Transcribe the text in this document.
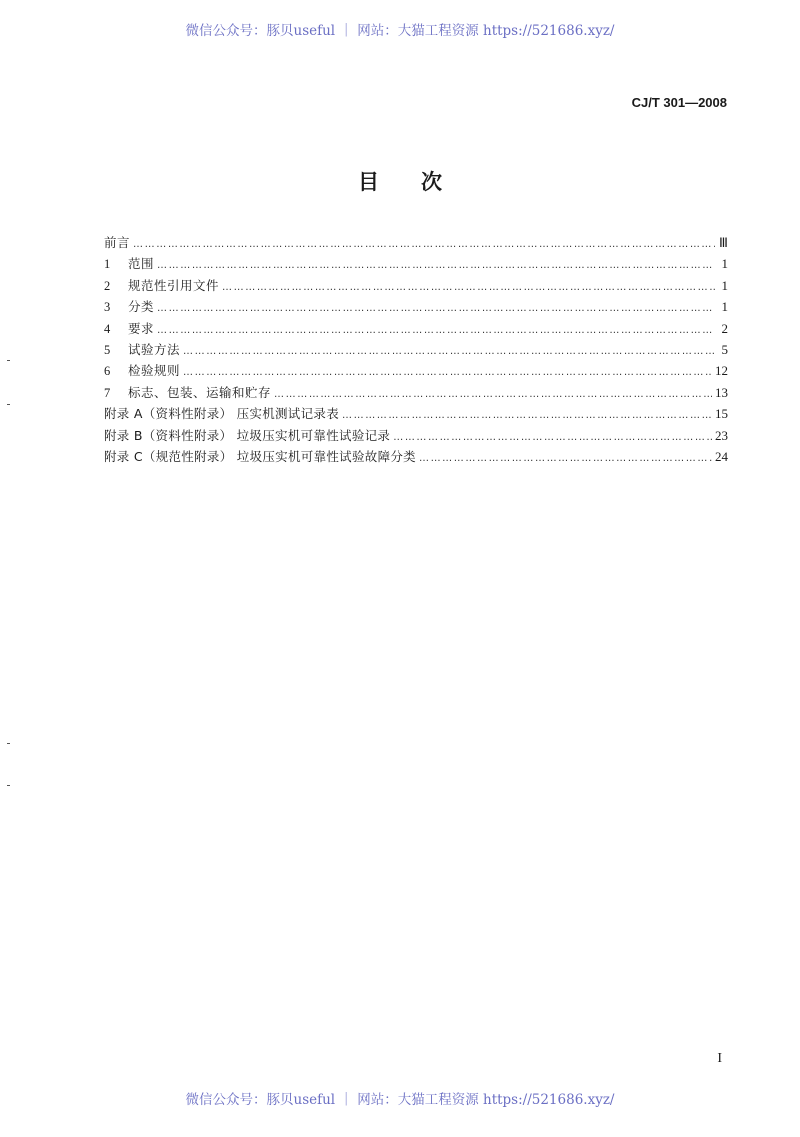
微信公众号：豚贝useful ｜ 网站：大猫工程资源 https://521686.xyz/
CJ/T 301—2008
目次
前言 ……………………………………………………………………………………………………………………………………………………………………………………………………………………	Ⅲ
1	范围 ……………………………………………………………………………………………………………………………………………………………………………………………………………………	1
2	规范性引用文件 ……………………………………………………………………………………………………………………………………………………………………………………………………………………	1
3	分类 ……………………………………………………………………………………………………………………………………………………………………………………………………………………	1
4	要求 ……………………………………………………………………………………………………………………………………………………………………………………………………………………	2
5	试验方法 ……………………………………………………………………………………………………………………………………………………………………………………………………………………	5
6	检验规则 ……………………………………………………………………………………………………………………………………………………………………………………………………………………	12
7	标志、包装、运输和贮存 ……………………………………………………………………………………………………………………………………………………………………………………………………………………	13
附录 A（资料性附录） 压实机测试记录表 ……………………………………………………………………………………………………………………………………………………………………………………………………………………	15
附录 B（资料性附录） 垃圾压实机可靠性试验记录 ……………………………………………………………………………………………………………………………………………………………………………………………………………………	23
附录 C（规范性附录） 垃圾压实机可靠性试验故障分类 ……………………………………………………………………………………………………………………………………………………………………………………………………………………	24
I
微信公众号：豚贝useful ｜ 网站：大猫工程资源 https://521686.xyz/
